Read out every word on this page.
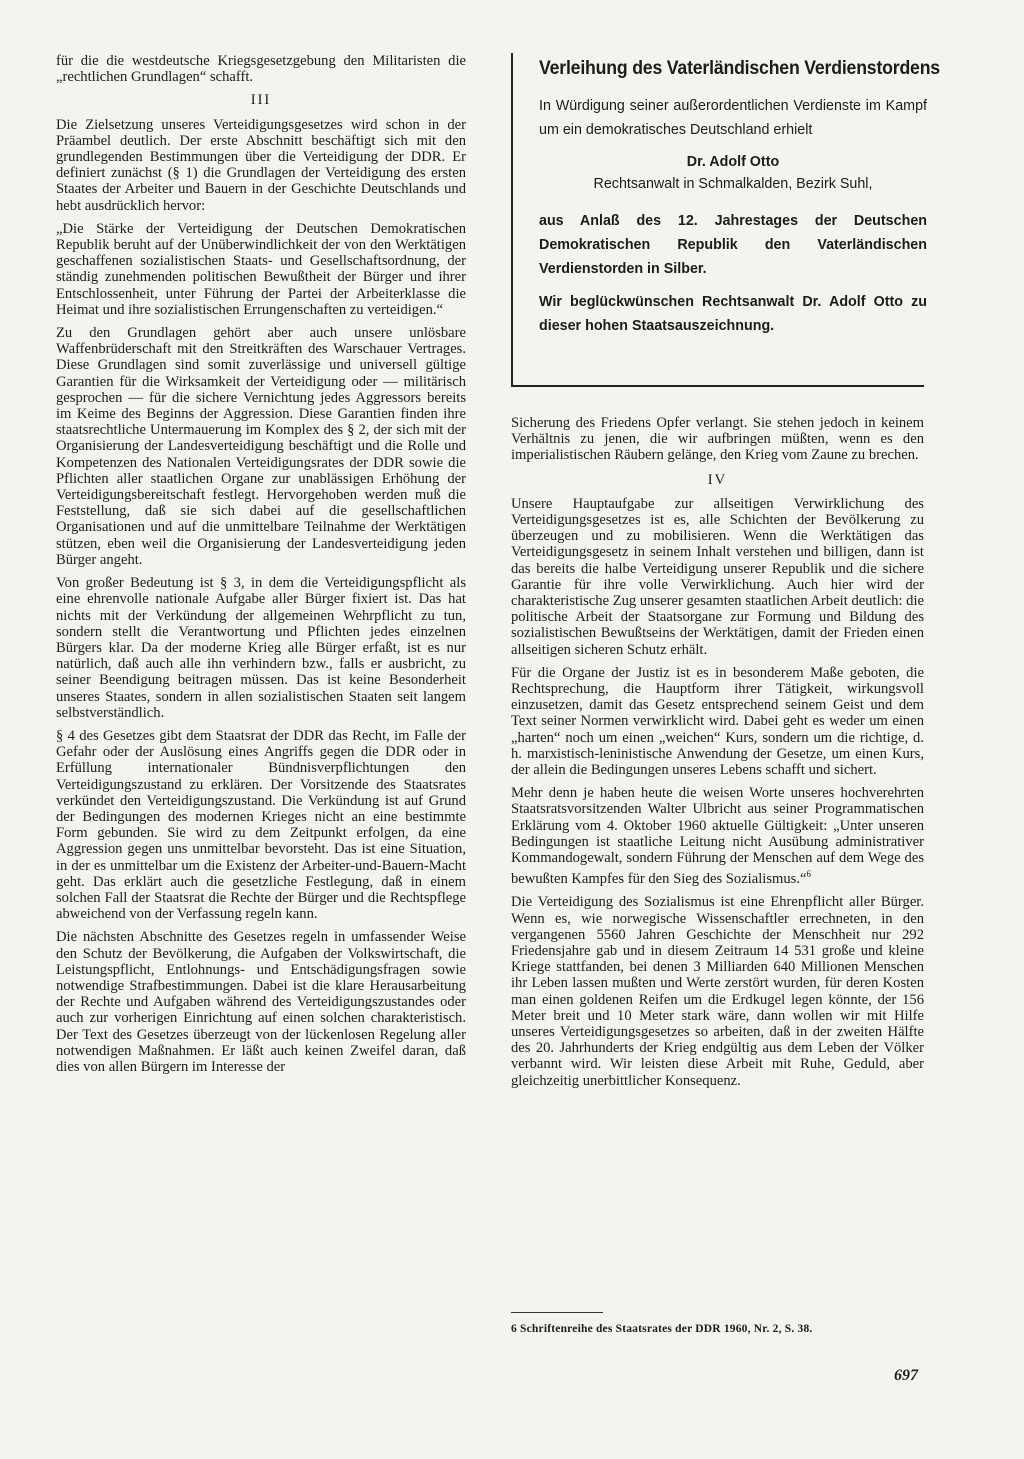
für die die westdeutsche Kriegsgesetzgebung den Militaristen die „rechtlichen Grundlagen“ schafft.

III

Die Zielsetzung unseres Verteidigungsgesetzes wird schon in der Präambel deutlich. Der erste Abschnitt beschäftigt sich mit den grundlegenden Bestimmungen über die Verteidigung der DDR. Er definiert zunächst (§ 1) die Grundlagen der Verteidigung des ersten Staates der Arbeiter und Bauern in der Geschichte Deutschlands und hebt ausdrücklich hervor:

„Die Stärke der Verteidigung der Deutschen Demokratischen Republik beruht auf der Unüberwindlichkeit der von den Werktätigen geschaffenen sozialistischen Staats- und Gesellschaftsordnung, der ständig zunehmenden politischen Bewußtheit der Bürger und ihrer Entschlossenheit, unter Führung der Partei der Arbeiterklasse die Heimat und ihre sozialistischen Errungenschaften zu verteidigen.“

Zu den Grundlagen gehört aber auch unsere unlösbare Waffenbrüderschaft mit den Streitkräften des Warschauer Vertrages. Diese Grundlagen sind somit zuverlässige und universell gültige Garantien für die Wirksamkeit der Verteidigung oder — militärisch gesprochen — für die sichere Vernichtung jedes Aggressors bereits im Keime des Beginns der Aggression. Diese Garantien finden ihre staatsrechtliche Untermauerung im Komplex des § 2, der sich mit der Organisierung der Landesverteidigung beschäftigt und die Rolle und Kompetenzen des Nationalen Verteidigungsrates der DDR sowie die Pflichten aller staatlichen Organe zur unablässigen Erhöhung der Verteidigungsbereitschaft festlegt. Hervorgehoben werden muß die Feststellung, daß sie sich dabei auf die gesellschaftlichen Organisationen und auf die unmittelbare Teilnahme der Werktätigen stützen, eben weil die Organisierung der Landesverteidigung jeden Bürger angeht.

Von großer Bedeutung ist § 3, in dem die Verteidigungspflicht als eine ehrenvolle nationale Aufgabe aller Bürger fixiert ist. Das hat nichts mit der Verkündung der allgemeinen Wehrpflicht zu tun, sondern stellt die Verantwortung und Pflichten jedes einzelnen Bürgers klar. Da der moderne Krieg alle Bürger erfaßt, ist es nur natürlich, daß auch alle ihn verhindern bzw., falls er ausbricht, zu seiner Beendigung beitragen müssen. Das ist keine Besonderheit unseres Staates, sondern in allen sozialistischen Staaten seit langem selbstverständlich.

§ 4 des Gesetzes gibt dem Staatsrat der DDR das Recht, im Falle der Gefahr oder der Auslösung eines Angriffs gegen die DDR oder in Erfüllung internationaler Bündnisverpflichtungen den Verteidigungszustand zu erklären. Der Vorsitzende des Staatsrates verkündet den Verteidigungszustand. Die Verkündung ist auf Grund der Bedingungen des modernen Krieges nicht an eine bestimmte Form gebunden. Sie wird zu dem Zeitpunkt erfolgen, da eine Aggression gegen uns unmittelbar bevorsteht. Das ist eine Situation, in der es unmittelbar um die Existenz der Arbeiter-und-Bauern-Macht geht. Das erklärt auch die gesetzliche Festlegung, daß in einem solchen Fall der Staatsrat die Rechte der Bürger und die Rechtspflege abweichend von der Verfassung regeln kann.

Die nächsten Abschnitte des Gesetzes regeln in umfassender Weise den Schutz der Bevölkerung, die Aufgaben der Volkswirtschaft, die Leistungspflicht, Entlohnungs- und Entschädigungsfragen sowie notwendige Strafbestimmungen. Dabei ist die klare Herausarbeitung der Rechte und Aufgaben während des Verteidigungszustandes oder auch zur vorherigen Einrichtung auf einen solchen charakteristisch. Der Text des Gesetzes überzeugt von der lückenlosen Regelung aller notwendigen Maßnahmen. Er läßt auch keinen Zweifel daran, daß dies von allen Bürgern im Interesse der

Verleihung des Vaterländischen Verdienstordens

In Würdigung seiner außerordentlichen Verdienste im Kampf um ein demokratisches Deutschland erhielt

Dr. Adolf Otto

Rechtsanwalt in Schmalkalden, Bezirk Suhl,

aus Anlaß des 12. Jahrestages der Deutschen Demokratischen Republik den Vaterländischen Verdienstorden in Silber.

Wir beglückwünschen Rechtsanwalt Dr. Adolf Otto zu dieser hohen Staatsauszeichnung.

Sicherung des Friedens Opfer verlangt. Sie stehen jedoch in keinem Verhältnis zu jenen, die wir aufbringen müßten, wenn es den imperialistischen Räubern gelänge, den Krieg vom Zaune zu brechen.

IV

Unsere Hauptaufgabe zur allseitigen Verwirklichung des Verteidigungsgesetzes ist es, alle Schichten der Bevölkerung zu überzeugen und zu mobilisieren. Wenn die Werktätigen das Verteidigungsgesetz in seinem Inhalt verstehen und billigen, dann ist das bereits die halbe Verteidigung unserer Republik und die sichere Garantie für ihre volle Verwirklichung. Auch hier wird der charakteristische Zug unserer gesamten staatlichen Arbeit deutlich: die politische Arbeit der Staatsorgane zur Formung und Bildung des sozialistischen Bewußtseins der Werktätigen, damit der Frieden einen allseitigen sicheren Schutz erhält.

Für die Organe der Justiz ist es in besonderem Maße geboten, die Rechtsprechung, die Hauptform ihrer Tätigkeit, wirkungsvoll einzusetzen, damit das Gesetz entsprechend seinem Geist und dem Text seiner Normen verwirklicht wird. Dabei geht es weder um einen „harten“ noch um einen „weichen“ Kurs, sondern um die richtige, d. h. marxistisch-leninistische Anwendung der Gesetze, um einen Kurs, der allein die Bedingungen unseres Lebens schafft und sichert.

Mehr denn je haben heute die weisen Worte unseres hochverehrten Staatsratsvorsitzenden Walter Ulbricht aus seiner Programmatischen Erklärung vom 4. Oktober 1960 aktuelle Gültigkeit: „Unter unseren Bedingungen ist staatliche Leitung nicht Ausübung administrativer Kommandogewalt, sondern Führung der Menschen auf dem Wege des bewußten Kampfes für den Sieg des Sozialismus.“$^6$

Die Verteidigung des Sozialismus ist eine Ehrenpflicht aller Bürger. Wenn es, wie norwegische Wissenschaftler errechneten, in den vergangenen 5560 Jahren Geschichte der Menschheit nur 292 Friedensjahre gab und in diesem Zeitraum 14 531 große und kleine Kriege stattfanden, bei denen 3 Milliarden 640 Millionen Menschen ihr Leben lassen mußten und Werte zerstört wurden, für deren Kosten man einen goldenen Reifen um die Erdkugel legen könnte, der 156 Meter breit und 10 Meter stark wäre, dann wollen wir mit Hilfe unseres Verteidigungsgesetzes so arbeiten, daß in der zweiten Hälfte des 20. Jahrhunderts der Krieg endgültig aus dem Leben der Völker verbannt wird. Wir leisten diese Arbeit mit Ruhe, Geduld, aber gleichzeitig unerbittlicher Konsequenz.

6 Schriftenreihe des Staatsrates der DDR 1960, Nr. 2, S. 38.
697
